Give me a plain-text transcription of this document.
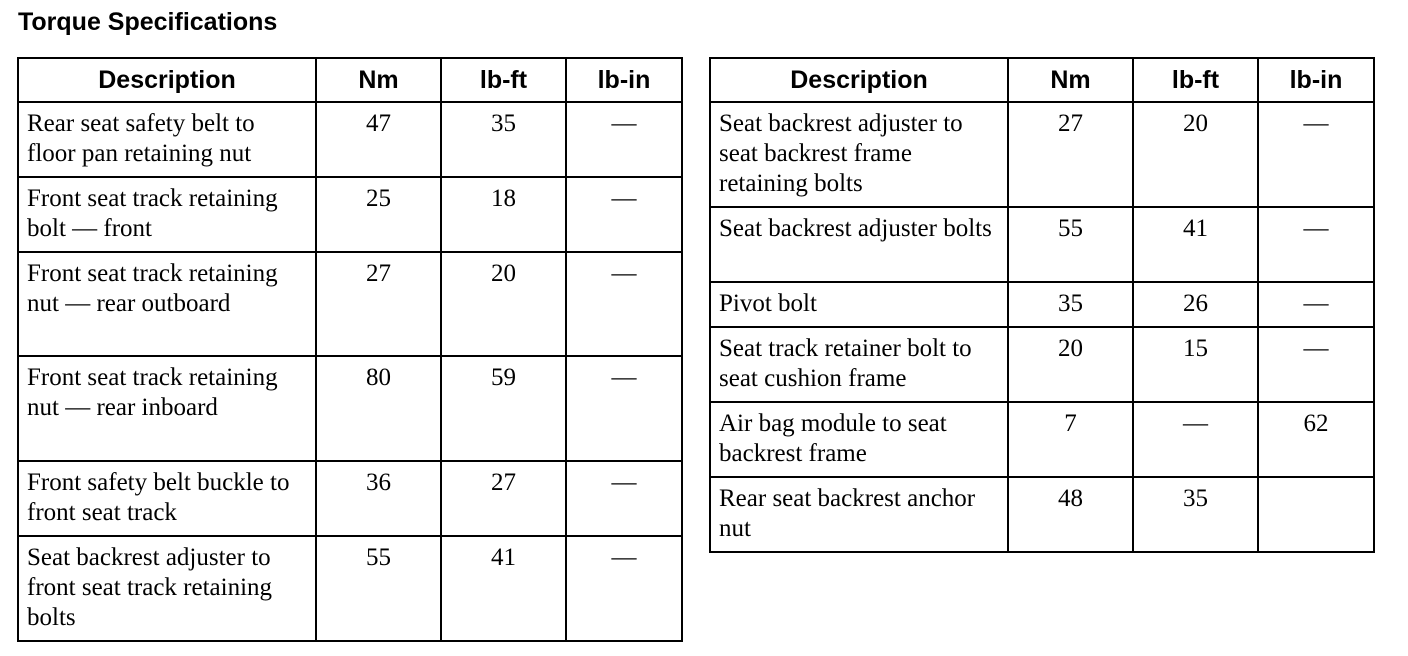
Torque Specifications
Description	Nm	lb-ft	lb-in
Rear seat safety belt to floor pan retaining nut	47	35	—
Front seat track retaining bolt — front	25	18	—
Front seat track retaining nut — rear outboard	27	20	—
Front seat track retaining nut — rear inboard	80	59	—
Front safety belt buckle to front seat track	36	27	—
Seat backrest adjuster to front seat track retaining bolts	55	41	—
Description	Nm	lb-ft	lb-in
Seat backrest adjuster to seat backrest frame retaining bolts	27	20	—
Seat backrest adjuster bolts	55	41	—
Pivot bolt	35	26	—
Seat track retainer bolt to seat cushion frame	20	15	—
Air bag module to seat backrest frame	7	—	62
Rear seat backrest anchor nut	48	35	
